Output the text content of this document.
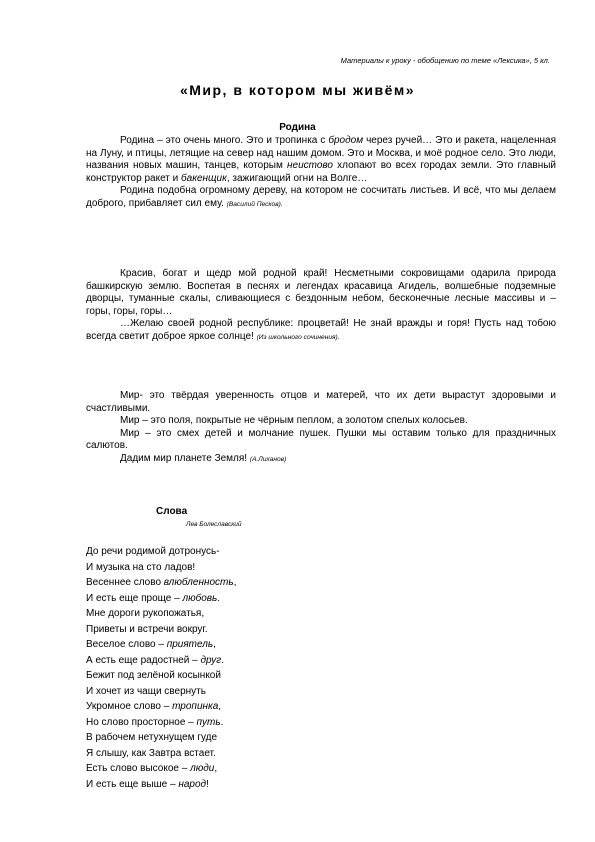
Материалы к уроку - обобщению по теме «Лексика», 5 кл.
«Мир, в котором мы живём»
Родина

Родина – это очень много. Это и тропинка с бродом через ручей… Это и ракета, нацеленная на Луну, и птицы, летящие на север над нашим домом. Это и Москва, и моё родное село. Это люди, названия новых машин, танцев, которым неистово хлопают во всех городах земли. Это главный конструктор ракет и бакенщик, зажигающий огни на Волге…

Родина подобна огромному дереву, на котором не сосчитать листьев. И всё, что мы делаем доброго, прибавляет сил ему. (Василий Песков).

Красив, богат и щедр мой родной край! Несметными сокровищами одарила природа башкирскую землю. Воспетая в песнях и легендах красавица Агидель, волшебные подземные дворцы, туманные скалы, сливающиеся с бездонным небом, бесконечные лесные массивы и – горы, горы, горы…

…Желаю своей родной республике: процветай! Не знай вражды и горя! Пусть над тобою всегда светит доброе яркое солнце! (Из школьного сочинения).

Мир- это твёрдая уверенность отцов и матерей, что их дети вырастут здоровыми и счастливыми.

Мир – это поля, покрытые не чёрным пеплом, а золотом спелых колосьев.

Мир – это смех детей и молчание пушек. Пушки мы оставим только для праздничных салютов.

Дадим мир планете Земля! (А.Лиханов)

Слова
Лев Болеславский
До речи родимой дотронусь-
И музыка на сто ладов!
Весеннее слово влюбленность,
И есть еще проще – любовь.
Мне дороги рукопожатья,
Приветы и встречи вокруг.
Веселое слово – приятель,
А есть еще радостней – друг.
Бежит под зелёной косынкой
И хочет из чащи свернуть
Укромное слово – тропинка,
Но слово просторное – путь.
В рабочем нетухнущем гуде
Я слышу, как Завтра встает.
Есть слово высокое – люди,
И есть еще выше – народ!
